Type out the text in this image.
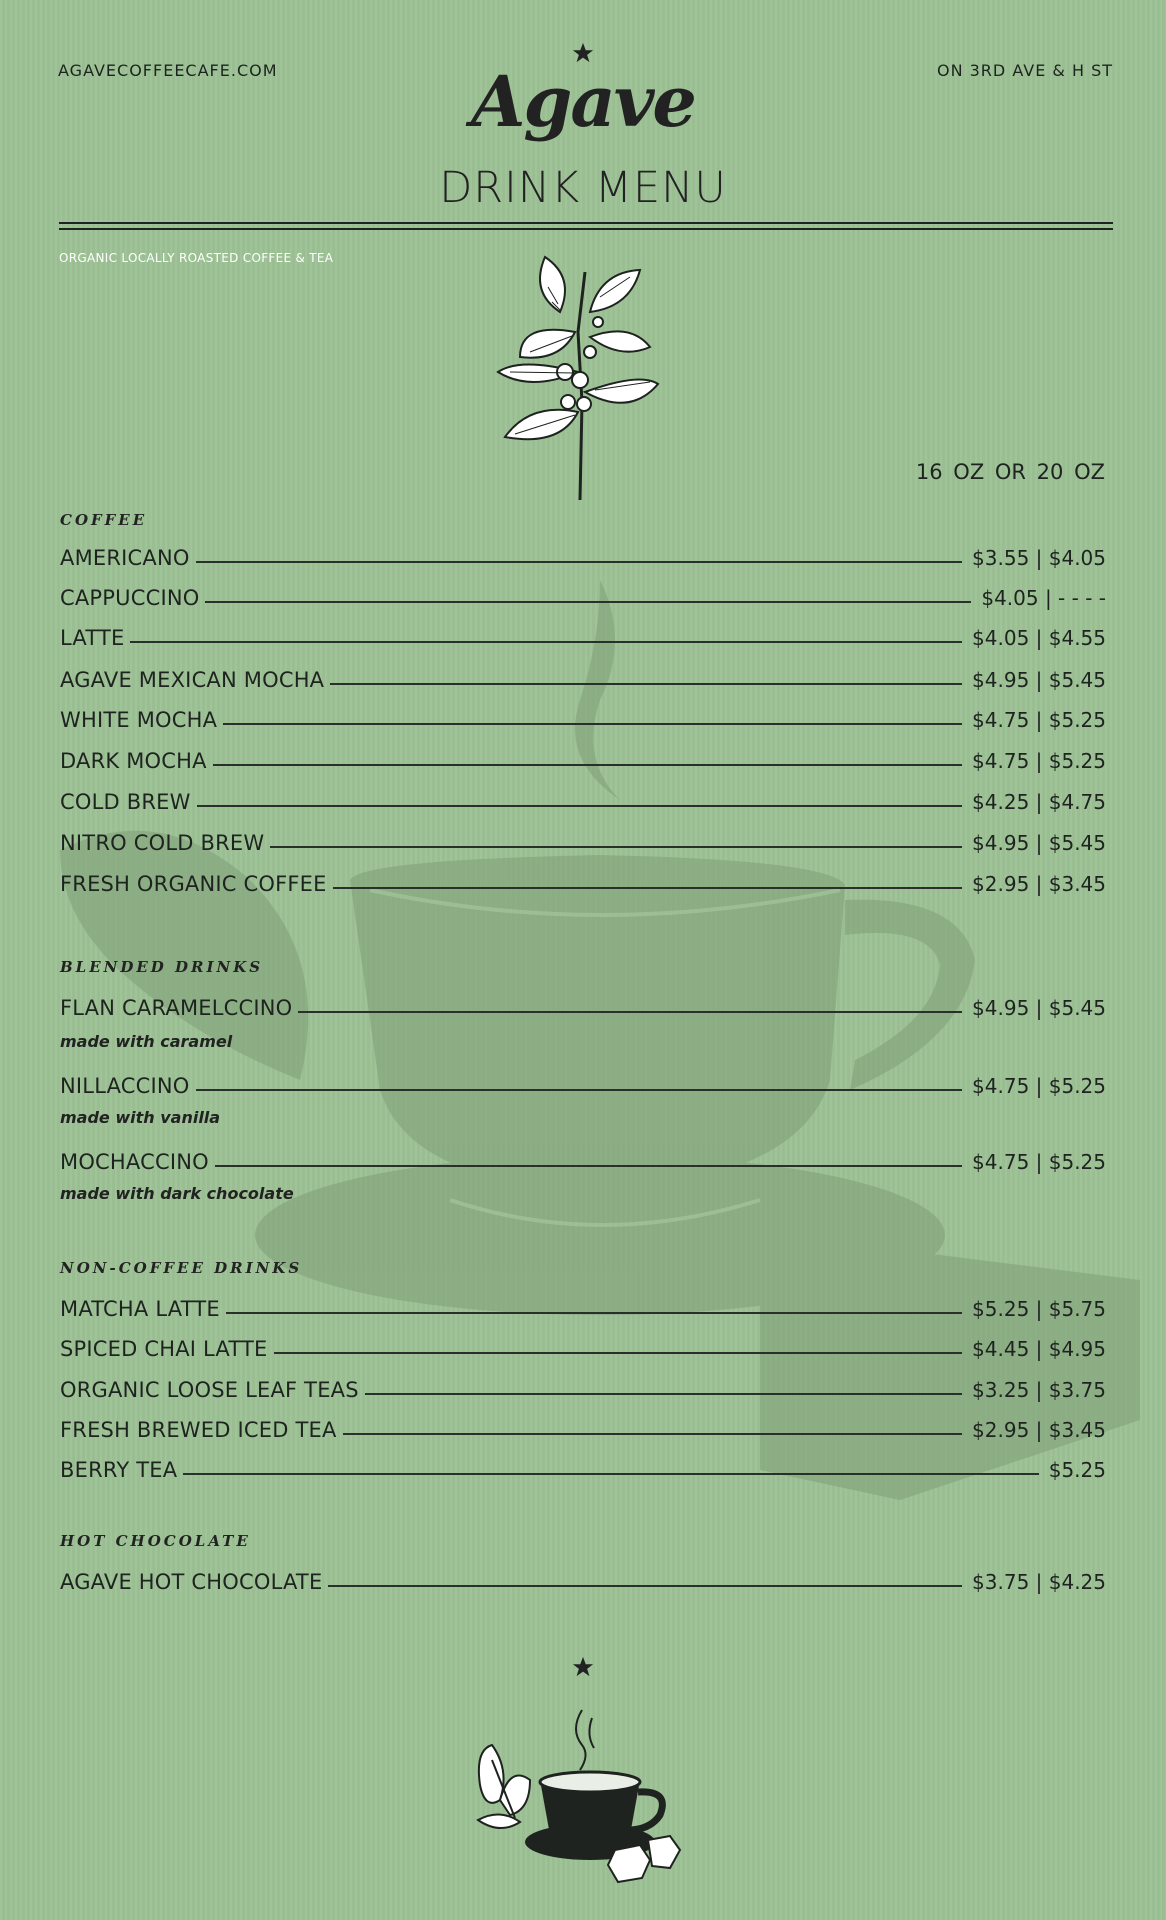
AGAVECOFFEECAFE.COM	ON 3RD AVE & H ST
Agave
DRINK MENU
ORGANIC LOCALLY ROASTED COFFEE & TEA
16 OZ OR 20 OZ
COFFEE
AMERICANO	$3.55 | $4.05
CAPPUCCINO	$4.05 | - - - -
LATTE	$4.05 | $4.55
AGAVE MEXICAN MOCHA	$4.95 | $5.45
WHITE MOCHA	$4.75 | $5.25
DARK MOCHA	$4.75 | $5.25
COLD BREW	$4.25 | $4.75
NITRO COLD BREW	$4.95 | $5.45
FRESH ORGANIC COFFEE	$2.95 | $3.45
BLENDED DRINKS
FLAN CARAMELCCINO	$4.95 | $5.45
made with caramel
NILLACCINO	$4.75 | $5.25
made with vanilla
MOCHACCINO	$4.75 | $5.25
made with dark chocolate
NON-COFFEE DRINKS
MATCHA LATTE	$5.25 | $5.75
SPICED CHAI LATTE	$4.45 | $4.95
ORGANIC LOOSE LEAF TEAS	$3.25 | $3.75
FRESH BREWED ICED TEA	$2.95 | $3.45
BERRY TEA	$5.25
HOT CHOCOLATE
AGAVE HOT CHOCOLATE	$3.75 | $4.25
